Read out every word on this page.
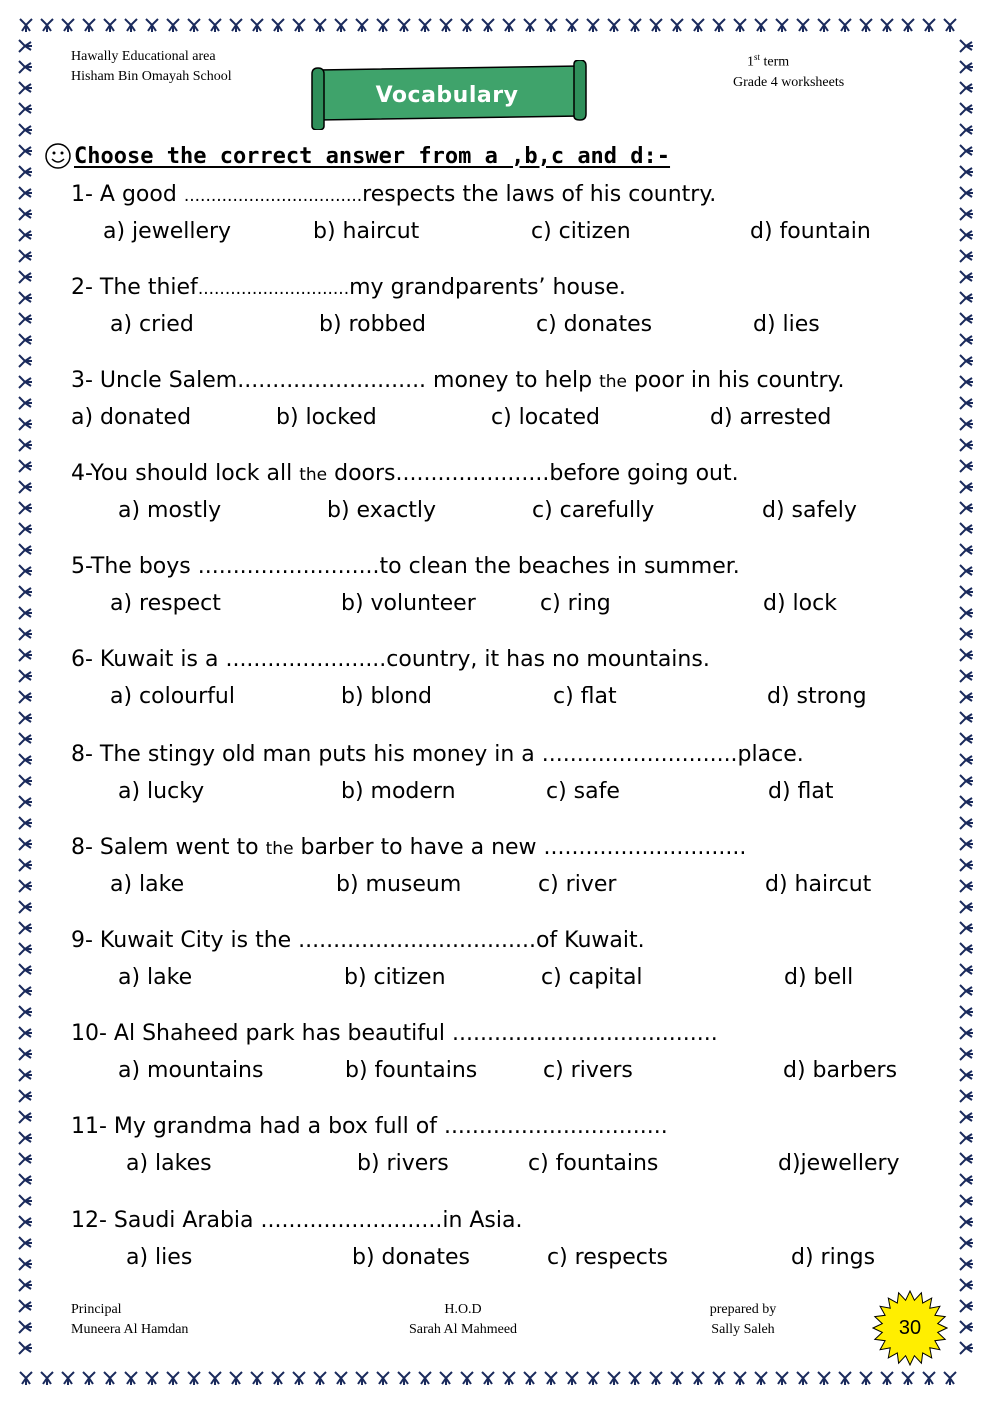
Hawally Educational area
Hisham Bin Omayah School
1st term
Grade 4 worksheets
Vocabulary
Choose the correct answer from a ,b,c and d:-
1- A good .................................respects the laws of his country.
a) jewellery	b) haircut	c) citizen	d) fountain
2- The thief............................my grandparents’ house.
a) cried	b) robbed	c) donates	d) lies
3- Uncle Salem........................... money to help the poor in his country.
a) donated	b) locked	c) located	d) arrested
4-You should lock all the doors......................before going out.
a) mostly	b) exactly	c) carefully	d) safely
5-The boys ..........................to clean the beaches in summer.
a) respect	b) volunteer	c) ring	d) lock
6- Kuwait is a .......................country, it has no mountains.
a) colourful	b) blond	c) flat	d) strong
8- The stingy old man puts his money in a ............................place.
a) lucky	b) modern	c) safe	d) flat
8- Salem went to the barber to have a new .............................
a) lake	b) museum	c) river	d) haircut
9- Kuwait City is the ..................................of Kuwait.
a) lake	b) citizen	c) capital	d) bell
10- Al Shaheed park has beautiful ......................................
a) mountains	b) fountains	c) rivers	d) barbers
11- My grandma had a box full of ................................
a) lakes	b) rivers	c) fountains	d)jewellery
12- Saudi Arabia ..........................in Asia.
a) lies	b) donates	c) respects	d) rings
Principal
Muneera Al Hamdan
H.O.D
Sarah Al Mahmeed
prepared by
Sally Saleh	30
